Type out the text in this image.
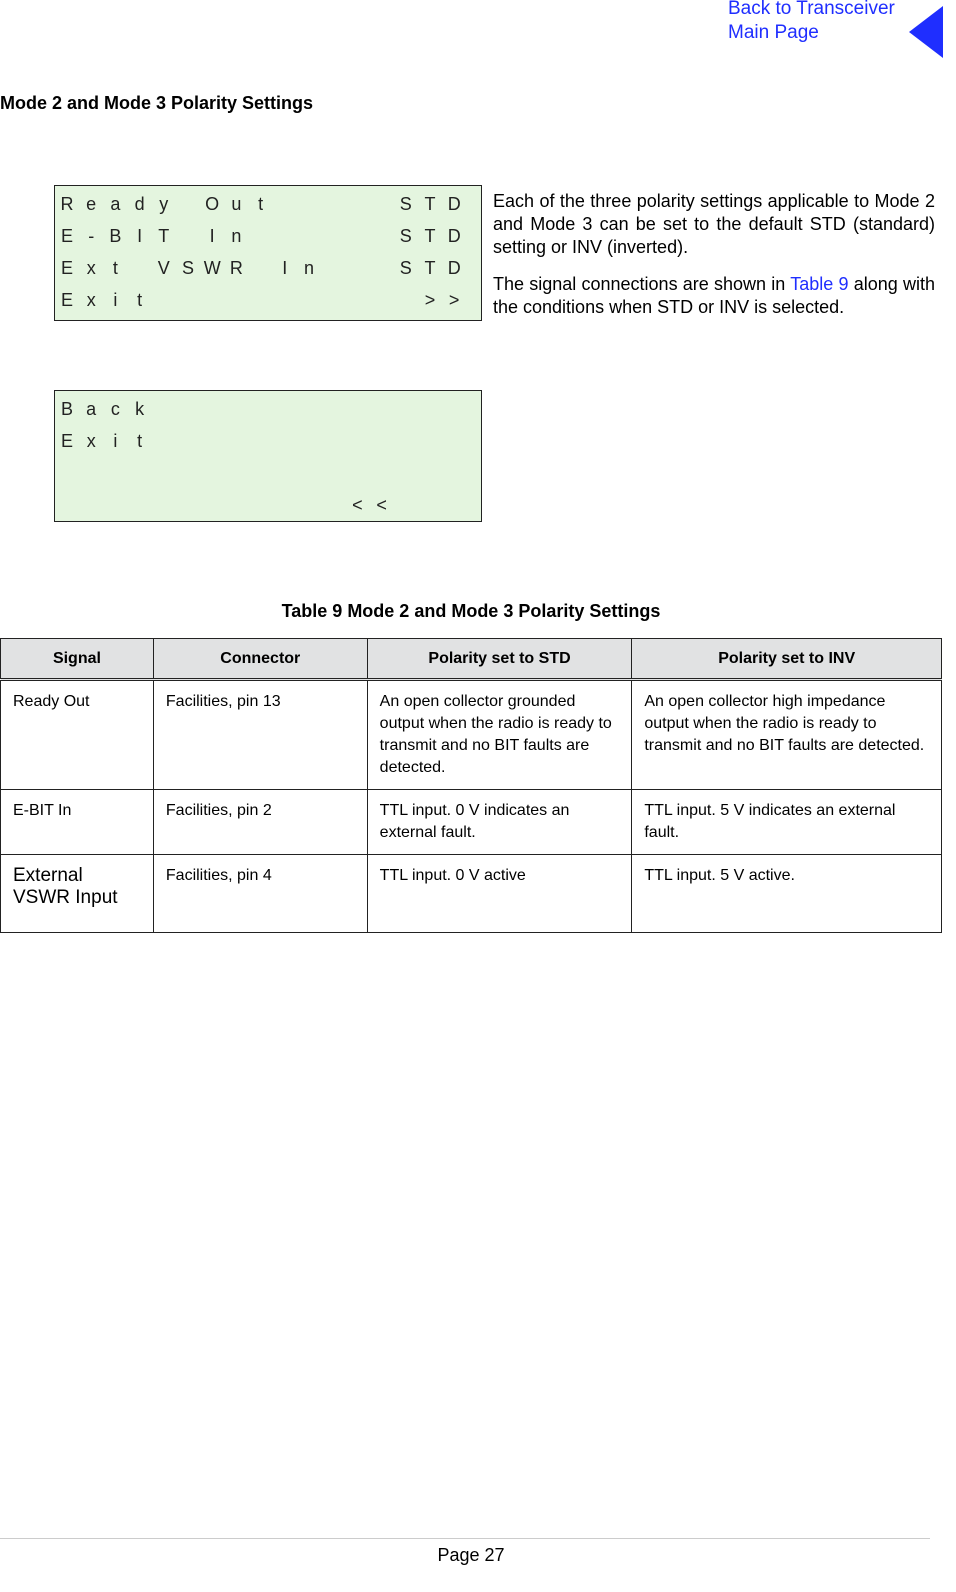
Back to Transceiver
Main Page
Mode 2 and Mode 3 Polarity Settings
R e a d y	O u t	S T D
E - B I T	I n	S T D
E x t	V S W R	I n	S T D
E x i	t	> >
B a c k
E x i	t
< <

Each of the three polarity settings applicable to Mode 2 and Mode 3 can be set to the default STD (standard) setting or INV (inverted).

The signal connections are shown in Table 9 along with the conditions when STD or INV is selected.

Table 9 Mode 2 and Mode 3 Polarity Settings
Signal	Connector	Polarity set to STD	Polarity set to INV
Ready Out	Facilities, pin 13	An open collector grounded output when the radio is ready to transmit and no BIT faults are detected.	An open collector high impedance output when the radio is ready to transmit and no BIT faults are detected.
E-BIT In	Facilities, pin 2	TTL input. 0 V indicates an external fault.	TTL input. 5 V indicates an external fault.
External VSWR Input	Facilities, pin 4	TTL input. 0 V active	TTL input. 5 V active.
Page 27
